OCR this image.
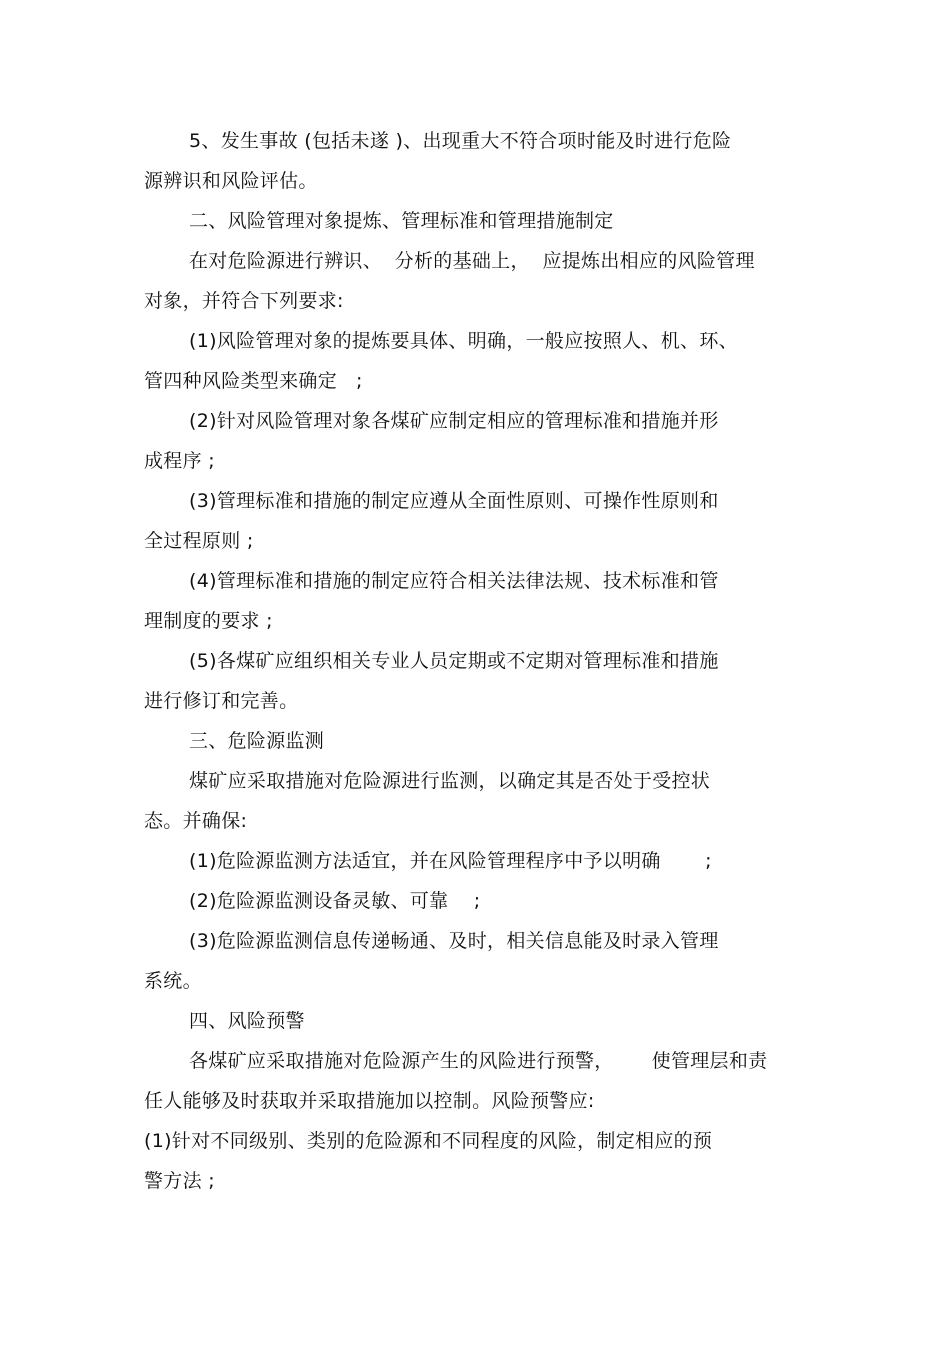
5、发生事故 (包括未遂 )、出现重大不符合项时能及时进行危险
源辨识和风险评估。
二、风险管理对象提炼、管理标准和管理措施制定
在对危险源进行辨识、  分析的基础上，  应提炼出相应的风险管理
对象，并符合下列要求:
(1)风险管理对象的提炼要具体、明确，一般应按照人、机、环、
管四种风险类型来确定   ;
(2)针对风险管理对象各煤矿应制定相应的管理标准和措施并形
成程序 ;
(3)管理标准和措施的制定应遵从全面性原则、可操作性原则和
全过程原则 ;
(4)管理标准和措施的制定应符合相关法律法规、技术标准和管
理制度的要求 ;
(5)各煤矿应组织相关专业人员定期或不定期对管理标准和措施
进行修订和完善。
三、危险源监测
煤矿应采取措施对危险源进行监测，以确定其是否处于受控状
态。并确保:
(1)危险源监测方法适宜，并在风险管理程序中予以明确       ;
(2)危险源监测设备灵敏、可靠    ;
(3)危险源监测信息传递畅通、及时，相关信息能及时录入管理
系统。
四、风险预警
各煤矿应采取措施对危险源产生的风险进行预警，      使管理层和责
任人能够及时获取并采取措施加以控制。风险预警应:
(1)针对不同级别、类别的危险源和不同程度的风险，制定相应的预
警方法 ;
